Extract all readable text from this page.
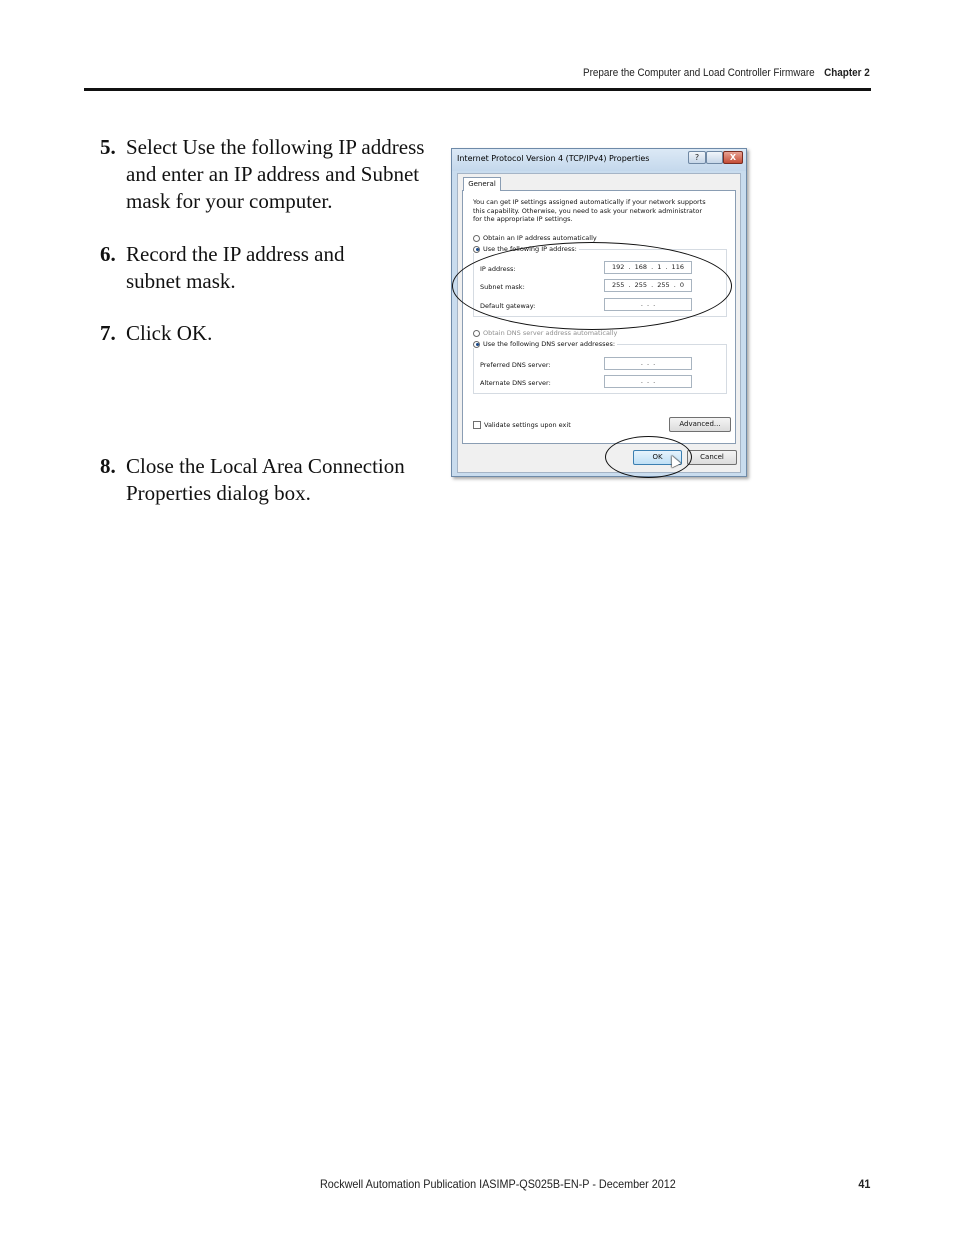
Prepare the Computer and Load Controller Firmware Chapter 2
5. Select Use the following IP address
and enter an IP address and Subnet
mask for your computer.
6. Record the IP address and
subnet mask.
7. Click OK.
8. Close the Local Area Connection
Properties dialog box.
Internet Protocol Version 4 (TCP/IPv4) Properties	?	X
General
You can get IP settings assigned automatically if your network supports
this capability. Otherwise, you need to ask your network administrator
for the appropriate IP settings.
Obtain an IP address automatically
Use the following IP address:
IP address:	192 . 168 . 1 . 116
Subnet mask:	255 . 255 . 255 . 0
Default gateway:	. . .
Obtain DNS server address automatically
Use the following DNS server addresses:
Preferred DNS server:	. . .
Alternate DNS server:	. . .
Validate settings upon exit	Advanced...
OK	Cancel
Rockwell Automation Publication IASIMP-QS025B-EN-P - December 2012	41
